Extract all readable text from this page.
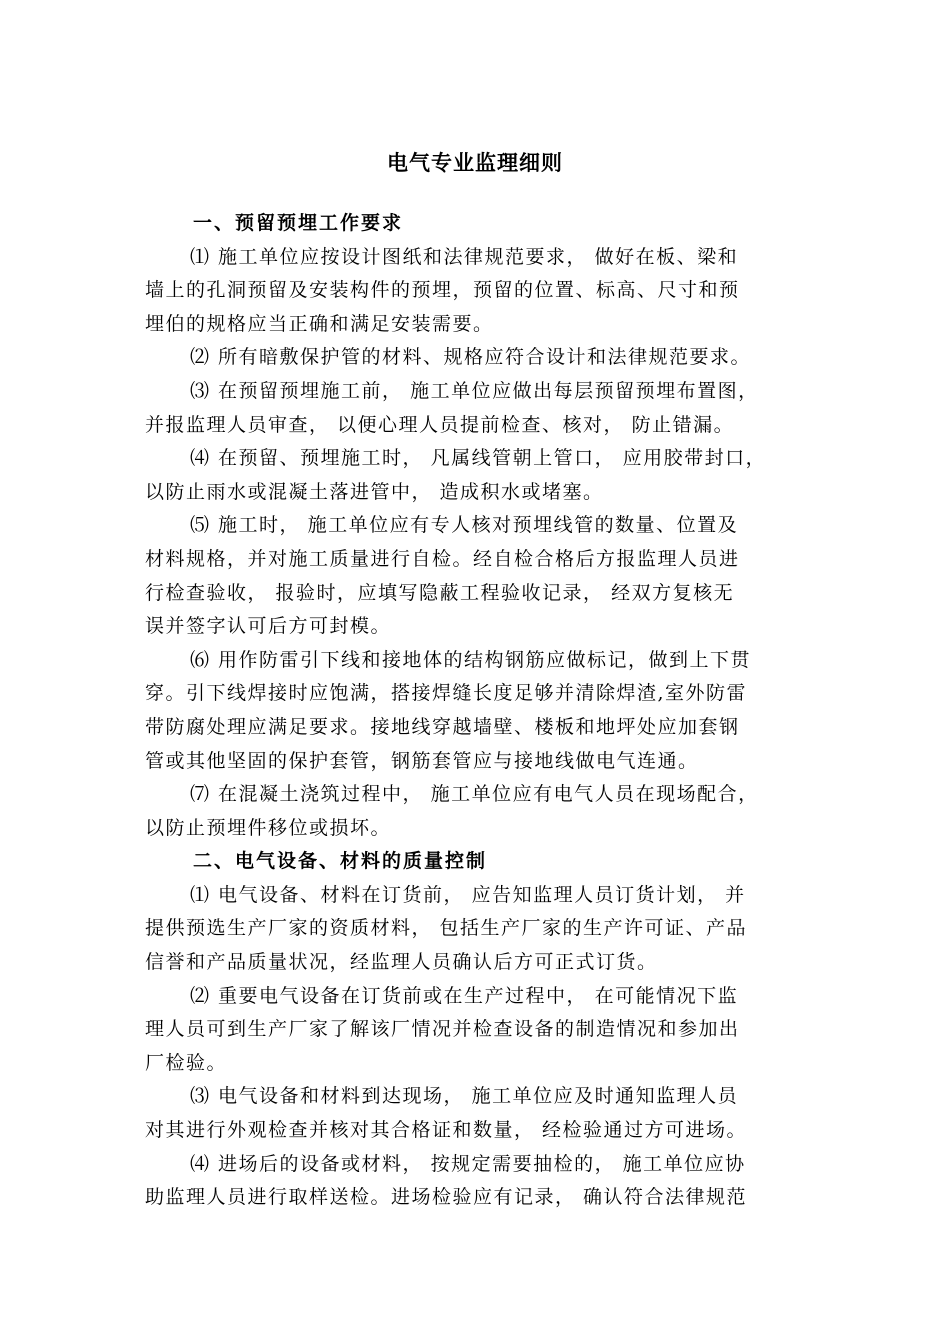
电气专业监理细则
一、预留预埋工作要求
⑴ 施工单位应按设计图纸和法律规范要求， 做好在板、梁和
墙上的孔洞预留及安装构件的预埋，预留的位置、标高、尺寸和预
埋伯的规格应当正确和满足安装需要。
⑵ 所有暗敷保护管的材料、规格应符合设计和法律规范要求。
⑶ 在预留预埋施工前， 施工单位应做出每层预留预埋布置图，
并报监理人员审查， 以便心理人员提前检查、核对， 防止错漏。
⑷ 在预留、预埋施工时， 凡属线管朝上管口， 应用胶带封口，
以防止雨水或混凝土落进管中， 造成积水或堵塞。
⑸ 施工时， 施工单位应有专人核对预埋线管的数量、位置及
材料规格，并对施工质量进行自检。经自检合格后方报监理人员进
行检查验收， 报验时，应填写隐蔽工程验收记录， 经双方复核无
误并签字认可后方可封模。
⑹ 用作防雷引下线和接地体的结构钢筋应做标记，做到上下贯
穿。引下线焊接时应饱满，搭接焊缝长度足够并清除焊渣,室外防雷
带防腐处理应满足要求。接地线穿越墙壁、楼板和地坪处应加套钢
管或其他坚固的保护套管，钢筋套管应与接地线做电气连通。
⑺ 在混凝土浇筑过程中， 施工单位应有电气人员在现场配合，
以防止预埋件移位或损坏。
二、电气设备、材料的质量控制
⑴ 电气设备、材料在订货前， 应告知监理人员订货计划， 并
提供预选生产厂家的资质材料， 包括生产厂家的生产许可证、产品
信誉和产品质量状况，经监理人员确认后方可正式订货。
⑵ 重要电气设备在订货前或在生产过程中， 在可能情况下监
理人员可到生产厂家了解该厂情况并检查设备的制造情况和参加出
厂检验。
⑶ 电气设备和材料到达现场， 施工单位应及时通知监理人员
对其进行外观检查并核对其合格证和数量， 经检验通过方可进场。
⑷ 进场后的设备或材料， 按规定需要抽检的， 施工单位应协
助监理人员进行取样送检。进场检验应有记录， 确认符合法律规范
